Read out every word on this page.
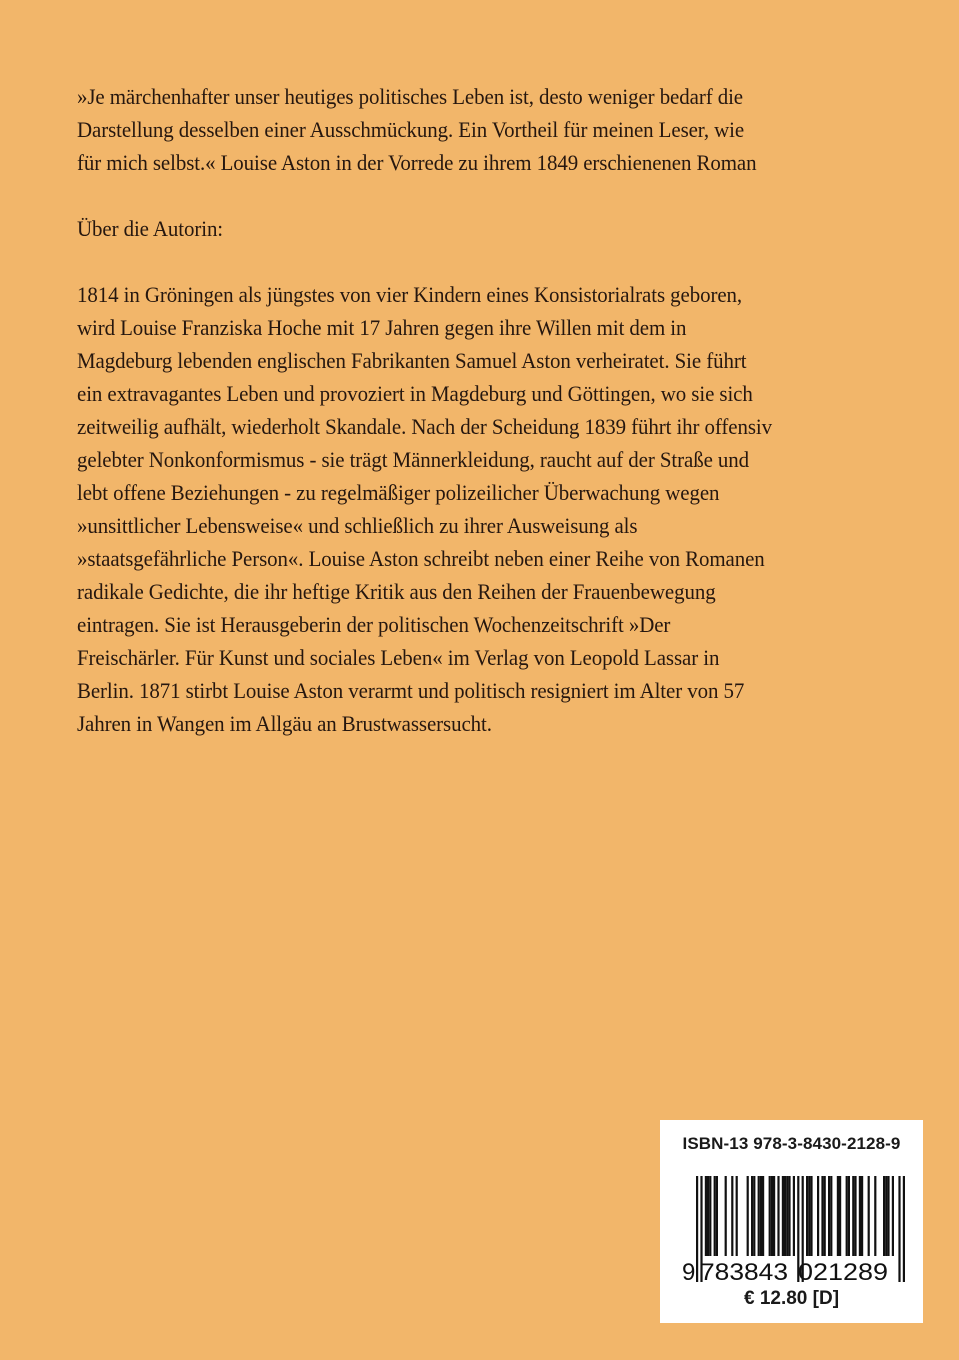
»Je märchenhafter unser heutiges politisches Leben ist, desto weniger bedarf die
Darstellung desselben einer Ausschmückung. Ein Vortheil für meinen Leser, wie
für mich selbst.« Louise Aston in der Vorrede zu ihrem 1849 erschienenen Roman
Über die Autorin:
1814 in Gröningen als jüngstes von vier Kindern eines Konsistorialrats geboren,
wird Louise Franziska Hoche mit 17 Jahren gegen ihre Willen mit dem in
Magdeburg lebenden englischen Fabrikanten Samuel Aston verheiratet. Sie führt
ein extravagantes Leben und provoziert in Magdeburg und Göttingen, wo sie sich
zeitweilig aufhält, wiederholt Skandale. Nach der Scheidung 1839 führt ihr offensiv
gelebter Nonkonformismus - sie trägt Männerkleidung, raucht auf der Straße und
lebt offene Beziehungen - zu regelmäßiger polizeilicher Überwachung wegen
»unsittlicher Lebensweise« und schließlich zu ihrer Ausweisung als
»staatsgefährliche Person«. Louise Aston schreibt neben einer Reihe von Romanen
radikale Gedichte, die ihr heftige Kritik aus den Reihen der Frauenbewegung
eintragen. Sie ist Herausgeberin der politischen Wochenzeitschrift »Der
Freischärler. Für Kunst und sociales Leben« im Verlag von Leopold Lassar in
Berlin. 1871 stirbt Louise Aston verarmt und politisch resigniert im Alter von 57
Jahren in Wangen im Allgäu an Brustwassersucht.
ISBN-13 978-3-8430-2128-9
9 783843 021289
€ 12.80 [D]
